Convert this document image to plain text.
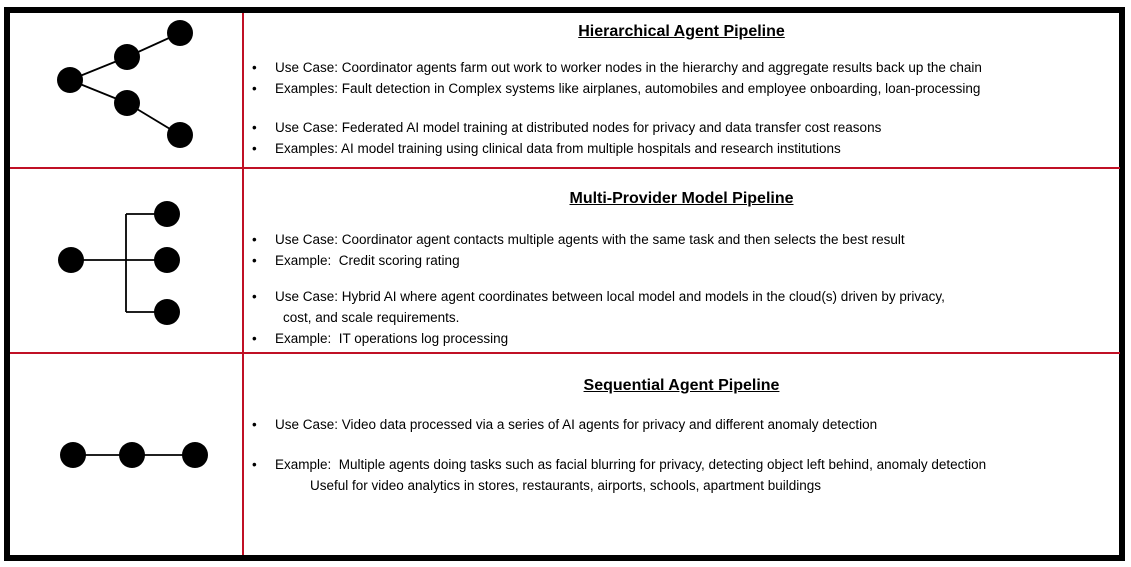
Hierarchical Agent Pipeline
•	Use Case: Coordinator agents farm out work to worker nodes in the hierarchy and aggregate results back up the chain
•	Examples: Fault detection in Complex systems like airplanes, automobiles and employee onboarding, loan-processing
•	Use Case: Federated AI model training at distributed nodes for privacy and data transfer cost reasons
•	Examples: AI model training using clinical data from multiple hospitals and research institutions
Multi-Provider Model Pipeline
•	Use Case: Coordinator agent contacts multiple agents with the same task and then selects the best result
•	Example:  Credit scoring rating
•	Use Case: Hybrid AI where agent coordinates between local model and models in the cloud(s) driven by privacy,
cost, and scale requirements.
•	Example:  IT operations log processing
Sequential Agent Pipeline
•	Use Case: Video data processed via a series of AI agents for privacy and different anomaly detection
•	Example:  Multiple agents doing tasks such as facial blurring for privacy, detecting object left behind, anomaly detection
Useful for video analytics in stores, restaurants, airports, schools, apartment buildings
